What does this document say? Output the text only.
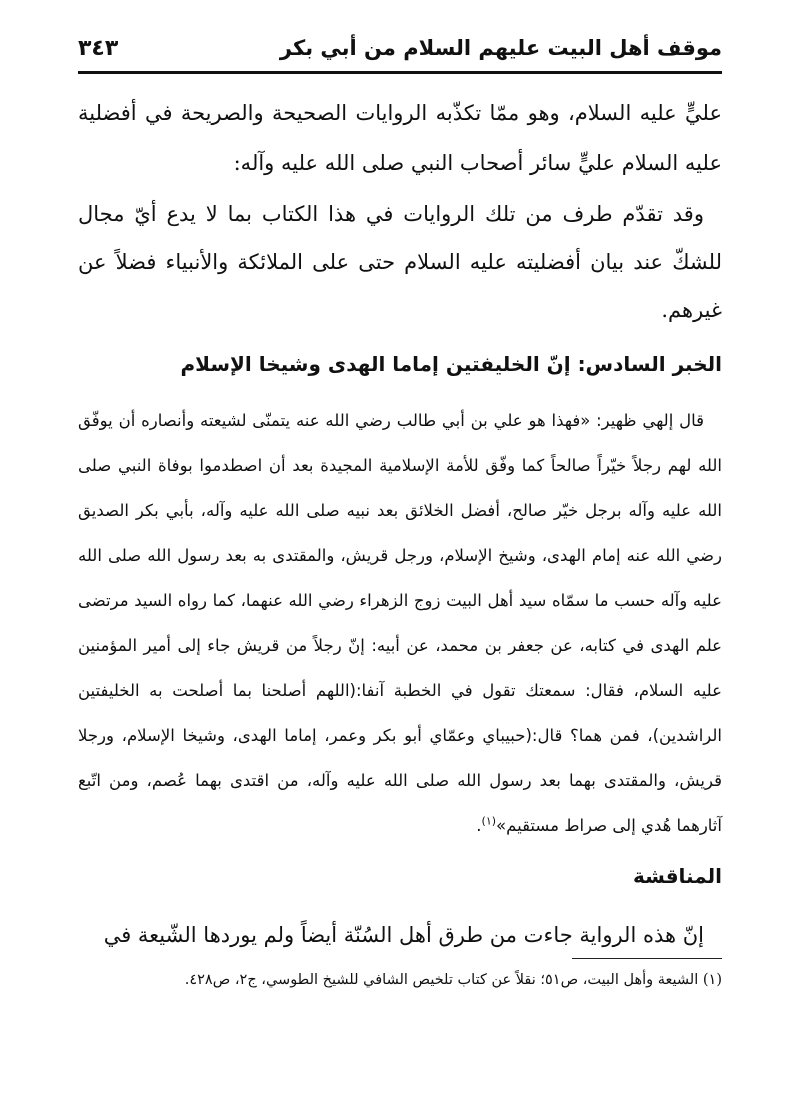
موقف أهل البيت عليهم السلام من أبي بكر
٣٤٣

عليٍّ عليه السلام، وهو ممّا تكذّبه الروايات الصحيحة والصريحة في أفضلية عليه السلام عليٍّ سائر أصحاب النبي صلى الله عليه وآله:

وقد تقدّم طرف من تلك الروايات في هذا الكتاب بما لا يدع أيّ مجال للشكّ عند بيان أفضليته عليه السلام حتى على الملائكة والأنبياء فضلاً عن غيرهم.

الخبر السادس: إنّ الخليفتين إماما الهدى وشيخا الإسلام

قال إلهي ظهير: «فهذا هو علي بن أبي طالب رضي الله عنه يتمنّى لشيعته وأنصاره أن يوفّق الله لهم رجلاً خيّراً صالحاً كما وفّق للأمة الإسلامية المجيدة بعد أن اصطدموا بوفاة النبي صلى الله عليه وآله برجل خيّر صالح، أفضل الخلائق بعد نبيه صلى الله عليه وآله، بأبي بكر الصديق رضي الله عنه إمام الهدى، وشيخ الإسلام، ورجل قريش، والمقتدى به بعد رسول الله صلى الله عليه وآله حسب ما سمّاه سيد أهل البيت زوج الزهراء رضي الله عنهما، كما رواه السيد مرتضى علم الهدى في كتابه، عن جعفر بن محمد، عن أبيه: إنّ رجلاً من قريش جاء إلى أمير المؤمنين عليه السلام، فقال: سمعتك تقول في الخطبة آنفا:(اللهم أصلحنا بما أصلحت به الخليفتين الراشدين)، فمن هما؟ قال:(حبيباي وعمّاي أبو بكر وعمر، إماما الهدى، وشيخا الإسلام، ورجلا قريش، والمقتدى بهما بعد رسول الله صلى الله عليه وآله، من اقتدى بهما عُصم، ومن اتّبع آثارهما هُدي إلى صراط مستقيم»$^{(١)}$.

المناقشة

إنّ هذه الرواية جاءت من طرق أهل السُنّة أيضاً ولم يوردها الشّيعة في

(١) الشيعة وأهل البيت، ص٥١؛ نقلاً عن كتاب تلخيص الشافي للشيخ الطوسي، ج٢، ص٤٢٨.
